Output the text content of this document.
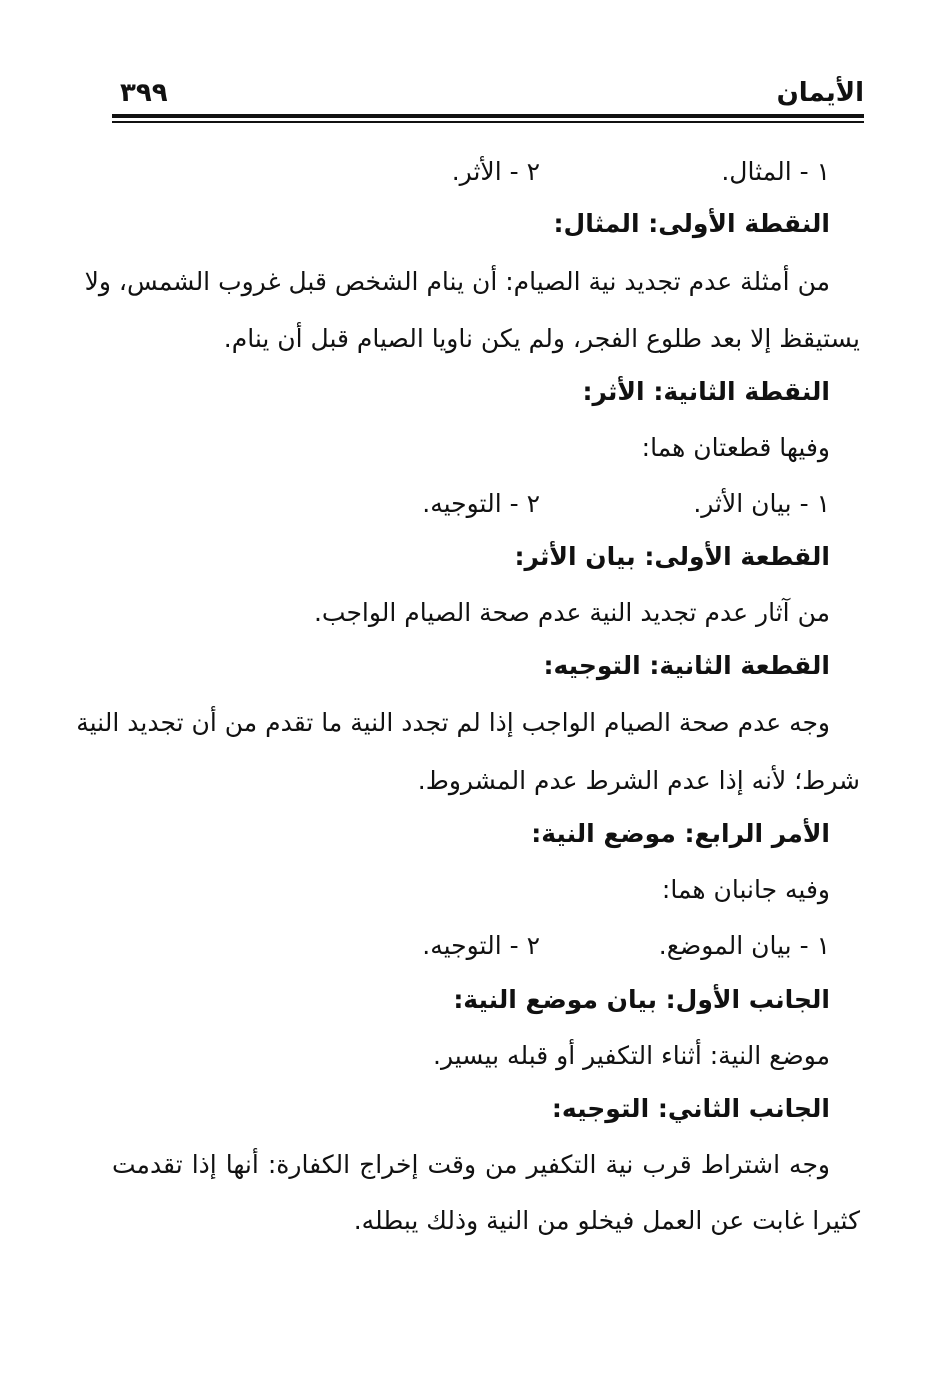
الأيمان
٣٩٩
١ - المثال.
٢ - الأثر.
النقطة الأولى: المثال:
من أمثلة عدم تجديد نية الصيام: أن ينام الشخص قبل غروب الشمس، ولا
يستيقظ إلا بعد طلوع الفجر، ولم يكن ناويا الصيام قبل أن ينام.
النقطة الثانية: الأثر:
وفيها قطعتان هما:
١ - بيان الأثر.
٢ - التوجيه.
القطعة الأولى: بيان الأثر:
من آثار عدم تجديد النية عدم صحة الصيام الواجب.
القطعة الثانية: التوجيه:
وجه عدم صحة الصيام الواجب إذا لم تجدد النية ما تقدم من أن تجديد النية
شرط؛ لأنه إذا عدم الشرط عدم المشروط.
الأمر الرابع: موضع النية:
وفيه جانبان هما:
١ - بيان الموضع.
٢ - التوجيه.
الجانب الأول: بيان موضع النية:
موضع النية: أثناء التكفير أو قبله بيسير.
الجانب الثاني: التوجيه:
وجه اشتراط قرب نية التكفير من وقت إخراج الكفارة: أنها إذا تقدمت
كثيرا غابت عن العمل فيخلو من النية وذلك يبطله.
